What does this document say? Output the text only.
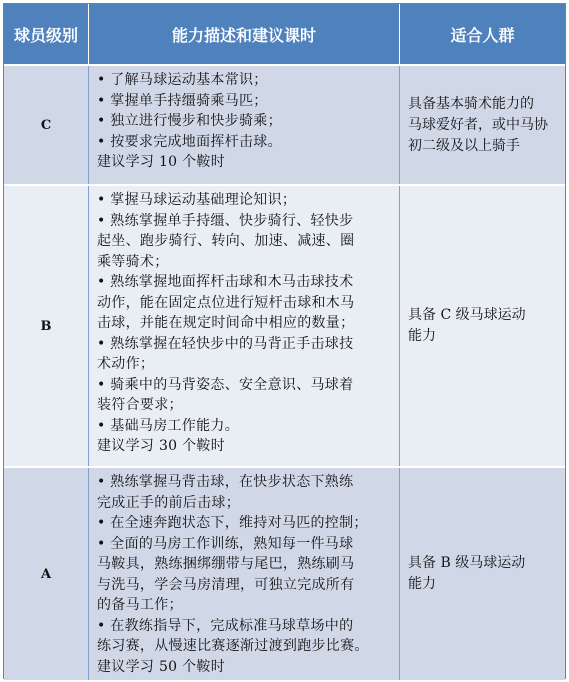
球员级别	能力描述和建议课时	适合人群
C
• 了解马球运动基本常识；
• 掌握单手持缰骑乘马匹；
• 独立进行慢步和快步骑乘；
• 按要求完成地面挥杆击球。
建议学习 10 个鞍时
具备基本骑术能力的
马球爱好者，或中马协
初二级及以上骑手
B
• 掌握马球运动基础理论知识；
• 熟练掌握单手持缰、快步骑行、轻快步
起坐、跑步骑行、转向、加速、减速、圈
乘等骑术；
• 熟练掌握地面挥杆击球和木马击球技术
动作，能在固定点位进行短杆击球和木马
击球，并能在规定时间命中相应的数量；
• 熟练掌握在轻快步中的马背正手击球技
术动作；
• 骑乘中的马背姿态、安全意识、马球着
装符合要求；
• 基础马房工作能力。
建议学习 30 个鞍时
具备 C 级马球运动
能力
A
• 熟练掌握马背击球，在快步状态下熟练
完成正手的前后击球；
• 在全速奔跑状态下，维持对马匹的控制；
• 全面的马房工作训练，熟知每一件马球
马鞍具，熟练捆绑绷带与尾巴，熟练刷马
与洗马，学会马房清理，可独立完成所有
的备马工作；
• 在教练指导下，完成标准马球草场中的
练习赛，从慢速比赛逐渐过渡到跑步比赛。
建议学习 50 个鞍时
具备 B 级马球运动
能力
